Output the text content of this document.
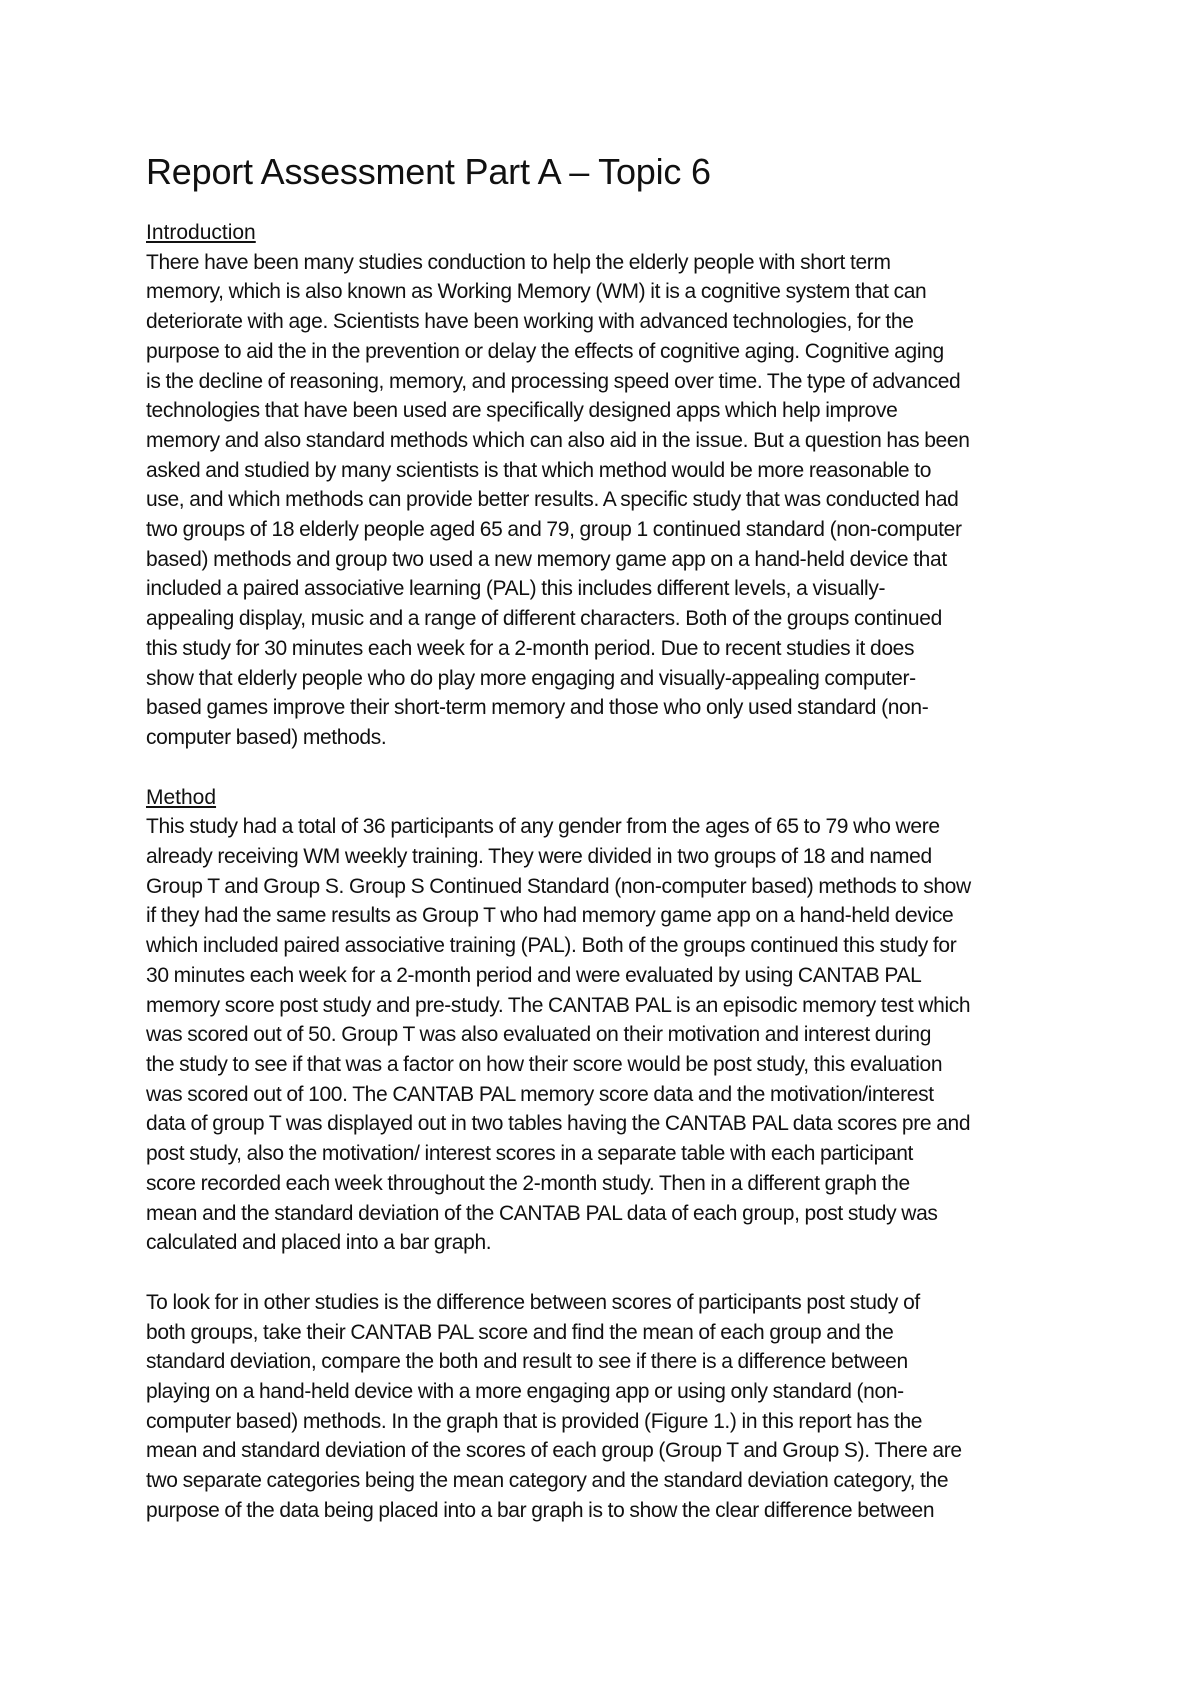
Report Assessment Part A – Topic 6
Introduction

There have been many studies conduction to help the elderly people with short term
memory, which is also known as Working Memory (WM) it is a cognitive system that can
deteriorate with age. Scientists have been working with advanced technologies, for the
purpose to aid the in the prevention or delay the effects of cognitive aging. Cognitive aging
is the decline of reasoning, memory, and processing speed over time. The type of advanced
technologies that have been used are specifically designed apps which help improve
memory and also standard methods which can also aid in the issue. But a question has been
asked and studied by many scientists is that which method would be more reasonable to
use, and which methods can provide better results. A specific study that was conducted had
two groups of 18 elderly people aged 65 and 79, group 1 continued standard (non-computer
based) methods and group two used a new memory game app on a hand-held device that
included a paired associative learning (PAL) this includes different levels, a visually-
appealing display, music and a range of different characters. Both of the groups continued
this study for 30 minutes each week for a 2-month period. Due to recent studies it does
show that elderly people who do play more engaging and visually-appealing computer-
based games improve their short-term memory and those who only used standard (non-
computer based) methods.

Method

This study had a total of 36 participants of any gender from the ages of 65 to 79 who were
already receiving WM weekly training. They were divided in two groups of 18 and named
Group T and Group S. Group S Continued Standard (non-computer based) methods to show
if they had the same results as Group T who had memory game app on a hand-held device
which included paired associative training (PAL). Both of the groups continued this study for
30 minutes each week for a 2-month period and were evaluated by using CANTAB PAL
memory score post study and pre-study. The CANTAB PAL is an episodic memory test which
was scored out of 50. Group T was also evaluated on their motivation and interest during
the study to see if that was a factor on how their score would be post study, this evaluation
was scored out of 100. The CANTAB PAL memory score data and the motivation/interest
data of group T was displayed out in two tables having the CANTAB PAL data scores pre and
post study, also the motivation/ interest scores in a separate table with each participant
score recorded each week throughout the 2-month study. Then in a different graph the
mean and the standard deviation of the CANTAB PAL data of each group, post study was
calculated and placed into a bar graph.

To look for in other studies is the difference between scores of participants post study of
both groups, take their CANTAB PAL score and find the mean of each group and the
standard deviation, compare the both and result to see if there is a difference between
playing on a hand-held device with a more engaging app or using only standard (non-
computer based) methods. In the graph that is provided (Figure 1.) in this report has the
mean and standard deviation of the scores of each group (Group T and Group S). There are
two separate categories being the mean category and the standard deviation category, the
purpose of the data being placed into a bar graph is to show the clear difference between
